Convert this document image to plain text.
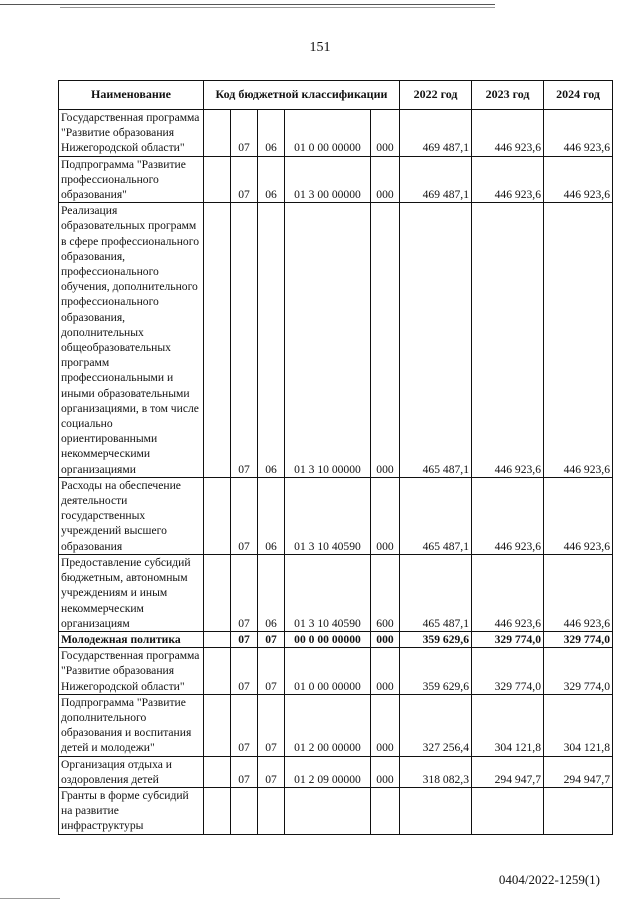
151
Наименование	Код бюджетной классификации					2022 год	2023 год	2024 год
Государственная программа "Развитие образования Нижегородской области"		07	06	01 0 00 00000	000	469 487,1	446 923,6	446 923,6
Подпрограмма "Развитие профессионального образования"		07	06	01 3 00 00000	000	469 487,1	446 923,6	446 923,6
Реализация образовательных программ в сфере профессионального образования, профессионального обучения, дополнительного профессионального образования, дополнительных общеобразовательных программ профессиональными и иными образовательными организациями, в том числе социально ориентированными некоммерческими организациями		07	06	01 3 10 00000	000	465 487,1	446 923,6	446 923,6
Расходы на обеспечение деятельности государственных учреждений высшего образования		07	06	01 3 10 40590	000	465 487,1	446 923,6	446 923,6
Предоставление субсидий бюджетным, автономным учреждениям и иным некоммерческим организациям		07	06	01 3 10 40590	600	465 487,1	446 923,6	446 923,6
Молодежная политика		07	07	00 0 00 00000	000	359 629,6	329 774,0	329 774,0
Государственная программа "Развитие образования Нижегородской области"		07	07	01 0 00 00000	000	359 629,6	329 774,0	329 774,0
Подпрограмма "Развитие дополнительного образования и воспитания детей и молодежи"		07	07	01 2 00 00000	000	327 256,4	304 121,8	304 121,8
Организация отдыха и оздоровления детей		07	07	01 2 09 00000	000	318 082,3	294 947,7	294 947,7
Гранты в форме субсидий на развитие инфраструктуры								
0404/2022-1259(1)
